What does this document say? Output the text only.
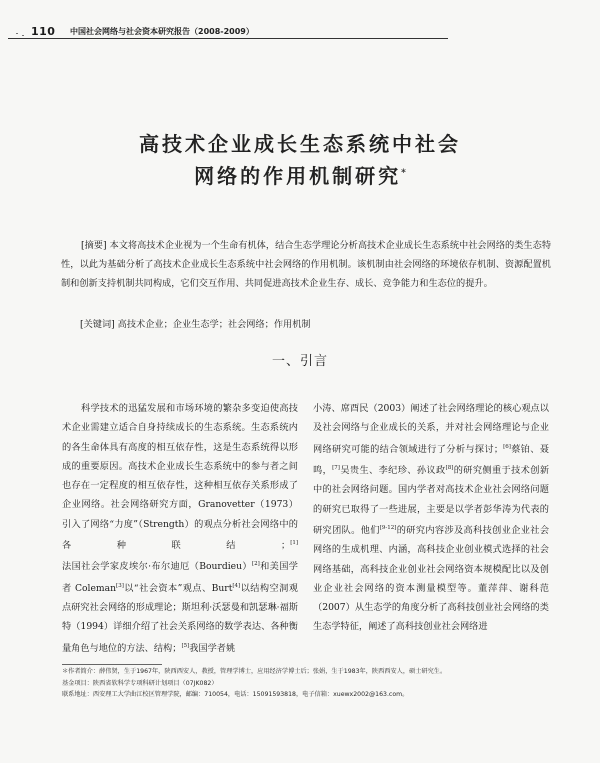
110 中国社会网络与社会资本研究报告（2008-2009）
高技术企业成长生态系统中社会
网络的作用机制研究*

[摘要] 本文将高技术企业视为一个生命有机体，结合生态学理论分析高技术企业成长生态系统中社会网络的类生态特性，以此为基础分析了高技术企业成长生态系统中社会网络的作用机制。该机制由社会网络的环境依存机制、资源配置机制和创新支持机制共同构成，它们交互作用、共同促进高技术企业生存、成长、竞争能力和生态位的提升。

[关键词] 高技术企业；企业生态学；社会网络；作用机制

一、引言

科学技术的迅猛发展和市场环境的繁杂多变迫使高技术企业需建立适合自身持续成长的生态系统。生态系统内的各生命体具有高度的相互依存性，这是生态系统得以形成的重要原因。高技术企业成长生态系统中的参与者之间也存在一定程度的相互依存性，这种相互依存关系形成了企业网络。社会网络研究方面，Granovetter（1973）引入了网络“力度”（Strength）的观点分析社会网络中的各种联结；[1]法国社会学家皮埃尔·布尔迪厄（Bourdieu）[2]和美国学者 Coleman[3]以“社会资本”观点、Burt[4]以结构空洞观点研究社会网络的形成理论；斯坦利·沃瑟曼和凯瑟琳·福斯特（1994）详细介绍了社会关系网络的数学表达、各种衡量角色与地位的方法、结构；[5]我国学者姚

小涛、席酉民（2003）阐述了社会网络理论的核心观点以及社会网络与企业成长的关系，并对社会网络理论与企业网络研究可能的结合领域进行了分析与探讨；[6]蔡铂、聂鸣，[7]吴贵生、李纪珍、孙议政[8]的研究侧重于技术创新中的社会网络问题。国内学者对高技术企业社会网络问题的研究已取得了一些进展，主要是以学者彭华涛为代表的研究团队。他们[9-12]的研究内容涉及高科技创业企业社会网络的生成机理、内涵，高科技企业创业模式选择的社会网络基础，高科技企业创业社会网络资本规模配比以及创业企业社会网络的资本测量模型等。董萍萍、谢科范（2007）从生态学的角度分析了高科技创业社会网络的类生态学特征，阐述了高科技创业社会网络进

＊作者简介：薛伟贤，生于1967年，陕西西安人，教授，管理学博士，应用经济学博士后；张娟，生于1983年，陕西西安人，硕士研究生。

基金项目：陕西省软科学专项科研计划项目（07JK082）

联系地址：西安理工大学曲江校区管理学院，邮编：710054，电话：15091593818，电子信箱：xuewx2002@163.com。
